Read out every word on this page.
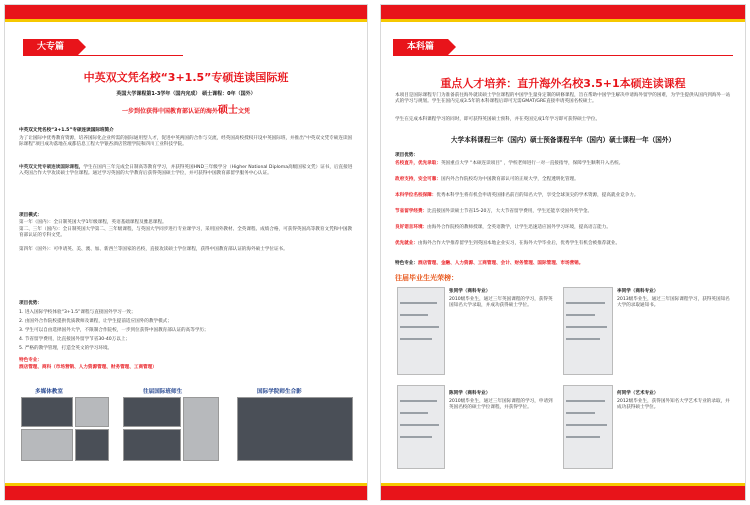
大专篇
中英双文凭名校“3+1.5”专硕连读国际班
英国大学课程第1-3学年（国内完成） 硕士课程：0年（国外）
一步到位获得中国教育部认证的海外硕士文凭
中英双文凭名校“3+1.5”专硕连读国际班简介
为了让国际中优秀教育资源，培养国际化企业所需的国际通用型人才，促进中英两国的合作与交流，经英国高校授权开设中英国际班，并推出“中英双文凭专硕连读国际课程”项目成功落地在成都信息工程大学银杏酒店管理学院和四川工业科技学院。
中英双文凭专硕连读国际课程，学生在国内三年完成全日制高等教育学习，并获得英国HND三年级学分（Higher National Diploma高级国家文凭）证书，后直接进入英国合作大学攻读硕士学位课程。通过学习英国的大学教育后获得英国硕士学位，并可获得中国教育部留学服务中心认证。
项目模式：
第一年（国内）：全日制英国大学1年级课程，英语基础课程及雅思课程。
第二、三年（国内）：全日制英国大学第二、三年级课程，与英国大学同步进行专业课学习，采用国外教材、全英课程、成绩合格，可获得英国高等教育文凭和中国教育部认证的专科文凭。
第四年（国外）：可申请英、美、澳、加、新西兰等国家的名校，直接攻读硕士学位课程，获得中国教育部认证的海外硕士学位证书。
项目优势：
1. 进入国际学校体验“3+1.5”课程与直接国外学习一致；
2. 由国外合作院校提供优质教师及课程，让学生提前适应国外的教学模式；
3. 学生可以自由选择国外大学，不限制合作院校，一步到位获得中国教育部认证的高等学历；
4. 节省留学费用，比直接国外留学节省30-40万以上；
5. 严格的教学管理，打造全英文的学习环境。
特色专业：
酒店管理、商科（市场营销、人力资源管理、财务管理、工商管理）
多媒体教室	往届国际班师生	国际学院师生合影
本科篇
重点人才培养：直升海外名校3.5+1本硕连读课程
本项目是国际课程专门为准备前往海外就读硕士学位课程的中国学生量身定制的研修课程，旨在帮助中国学生解决申请海外留学的困难，为学生提供从国内到海外一站式的学习与规划。学生在国内完成3.5年的本科课程后即可无需GMAT/GRE直接申请英国名校硕士。
学生在完成本科课程学习的同时，即可获得英国硕士预科，并在英国完成1年学习即可获得硕士学位。
大学本科课程三年（国内）硕士预备课程半年（国内）硕士课程一年（国外）
项目优势：
名校直升，优先录取：英国重点大学 “本硕连读项目” ，学校老师进行一对一直接指导，保障学生顺利升入名校。
政府支持，安全可靠：国内外合作院校均为中国教育部认可的正规大学，全程透明化管理。
本科学位名校保障：优秀本科学生将有机会申请英国排名前百的知名大学，享受全球顶尖的学术资源，提高就业竞争力。
节省留学经费：比直接国外读硕士节省15-20万，大大节省留学费用，学生还能享受国外奖学金。
良好语言环境：由海外合作院校的教师授课，全英语教学，让学生迅速适应国外学习环境，提高语言能力。
优先就业：由海外合作大学推荐留学生到英国本地企业实习，在海外大学毕业后，优秀学生有机会被推荐就业。
特色专业：酒店管理、金融、人力资源、工商管理、会计、财务管理、国际管理、市场营销。
往届毕业生光荣榜：
张同学（商科专业）
2010级毕业生，通过三年英国课程的学习，获得英国知名大学录取，并成功获得硕士学位。
李同学（商科专业）
2013级毕业生，通过三年国际课程学习，获得英国知名大学的录取通知书。
陈同学（商科专业）
2010级毕业生，通过三年国际课程的学习，申请到英国名校的硕士学位课程，并获得学位。
何同学（艺术专业）
2012级毕业生，获得国外知名大学艺术专业的录取，并成功获得硕士学位。
